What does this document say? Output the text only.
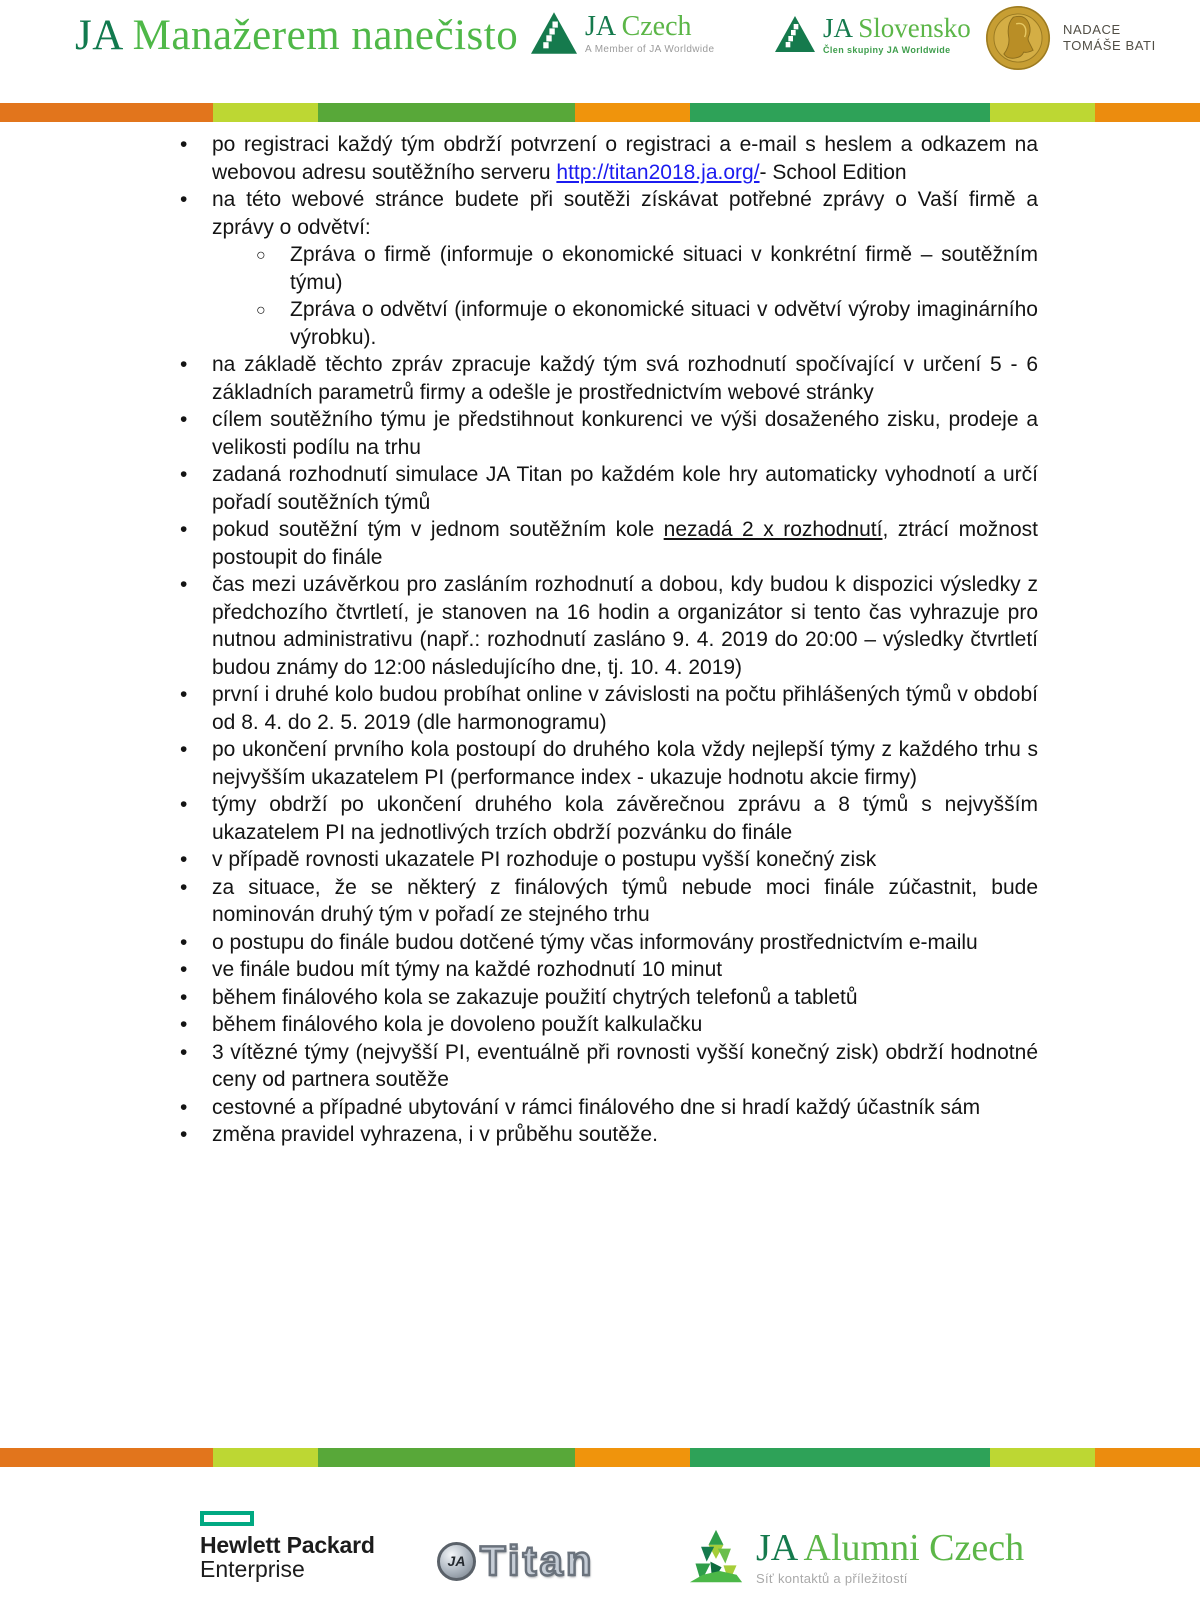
JA Manažerem nanečisto JA Czech
A Member of JA Worldwide
JA Slovensko
Člen skupiny JA Worldwide
NADACE
TOMÁŠE BATI
• po registraci každý tým obdrží potvrzení o registraci a e-mail s heslem a odkazem na webovou adresu soutěžního serveru http://titan2018.ja.org/- School Edition
• na této webové stránce budete při soutěži získávat potřebné zprávy o Vaší firmě a zprávy o odvětví:
○ Zpráva o firmě (informuje o ekonomické situaci v konkrétní firmě – soutěžním týmu)
○ Zpráva o odvětví (informuje o ekonomické situaci v odvětví výroby imaginárního výrobku).
• na základě těchto zpráv zpracuje každý tým svá rozhodnutí spočívající v určení 5 - 6 základních parametrů firmy a odešle je prostřednictvím webové stránky
• cílem soutěžního týmu je předstihnout konkurenci ve výši dosaženého zisku, prodeje a velikosti podílu na trhu
• zadaná rozhodnutí simulace JA Titan po každém kole hry automaticky vyhodnotí a určí pořadí soutěžních týmů
• pokud soutěžní tým v jednom soutěžním kole nezadá 2 x rozhodnutí, ztrácí možnost postoupit do finále
• čas mezi uzávěrkou pro zasláním rozhodnutí a dobou, kdy budou k dispozici výsledky z předchozího čtvrtletí, je stanoven na 16 hodin a organizátor si tento čas vyhrazuje pro nutnou administrativu (např.: rozhodnutí zasláno 9. 4. 2019 do 20:00 – výsledky čtvrtletí budou známy do 12:00 následujícího dne, tj. 10. 4. 2019)
• první i druhé kolo budou probíhat online v závislosti na počtu přihlášených týmů v období od 8. 4. do 2. 5. 2019 (dle harmonogramu)
• po ukončení prvního kola postoupí do druhého kola vždy nejlepší týmy z každého trhu s nejvyšším ukazatelem PI (performance index - ukazuje hodnotu akcie firmy)
• týmy obdrží po ukončení druhého kola závěrečnou zprávu a 8 týmů s nejvyšším ukazatelem PI na jednotlivých trzích obdrží pozvánku do finále
• v případě rovnosti ukazatele PI rozhoduje o postupu vyšší konečný zisk
• za situace, že se některý z finálových týmů nebude moci finále zúčastnit, bude nominován druhý tým v pořadí ze stejného trhu
• o postupu do finále budou dotčené týmy včas informovány prostřednictvím e-mailu
• ve finále budou mít týmy na každé rozhodnutí 10 minut
• během finálového kola se zakazuje použití chytrých telefonů a tabletů
• během finálového kola je dovoleno použít kalkulačku
• 3 vítězné týmy (nejvyšší PI, eventuálně při rovnosti vyšší konečný zisk) obdrží hodnotné ceny od partnera soutěže
• cestovné a případné ubytování v rámci finálového dne si hradí každý účastník sám
• změna pravidel vyhrazena, i v průběhu soutěže.
Hewlett Packard
Enterprise	JA Titan	JA Alumni Czech
Síť kontaktů a příležitostí
